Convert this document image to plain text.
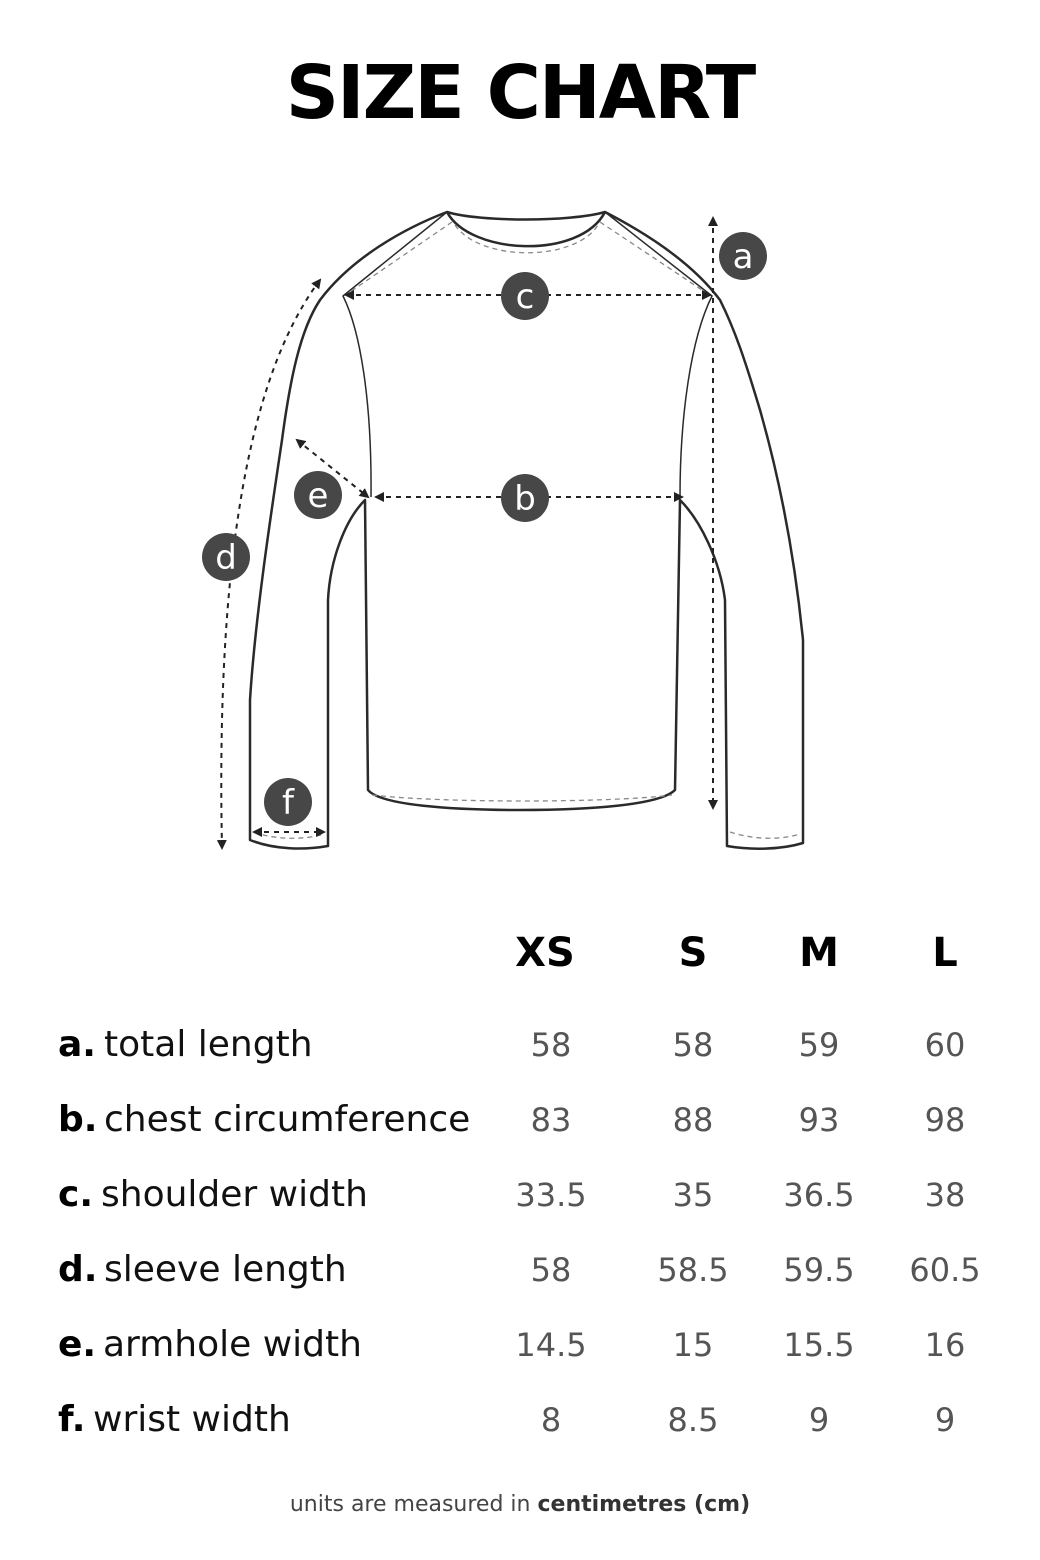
SIZE CHART
a
c
b
e
d
f
XS	S	M	L
a. total length	58	58	59	60
b. chest circumference	83	88	93	98
c. shoulder width	33.5	35	36.5	38
d. sleeve length	58	58.5	59.5	60.5
e. armhole width	14.5	15	15.5	16
f. wrist width	8	8.5	9	9
units are measured in centimetres (cm)
